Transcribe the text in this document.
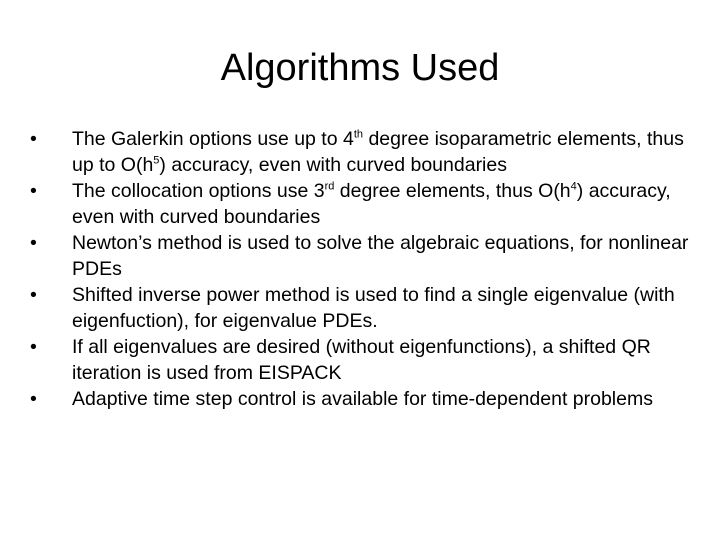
Algorithms Used
•	The Galerkin options use up to 4th degree isoparametric elements, thus up to $O(h^5)$ accuracy, even with curved boundaries
•	The collocation options use 3rd degree elements, thus $O(h^4)$ accuracy, even with curved boundaries
•	Newton’s method is used to solve the algebraic equations, for nonlinear PDEs
•	Shifted inverse power method is used to find a single eigenvalue (with eigenfuction), for eigenvalue PDEs.
•	If all eigenvalues are desired (without eigenfunctions), a shifted QR iteration is used from EISPACK
•	Adaptive time step control is available for time-dependent problems
